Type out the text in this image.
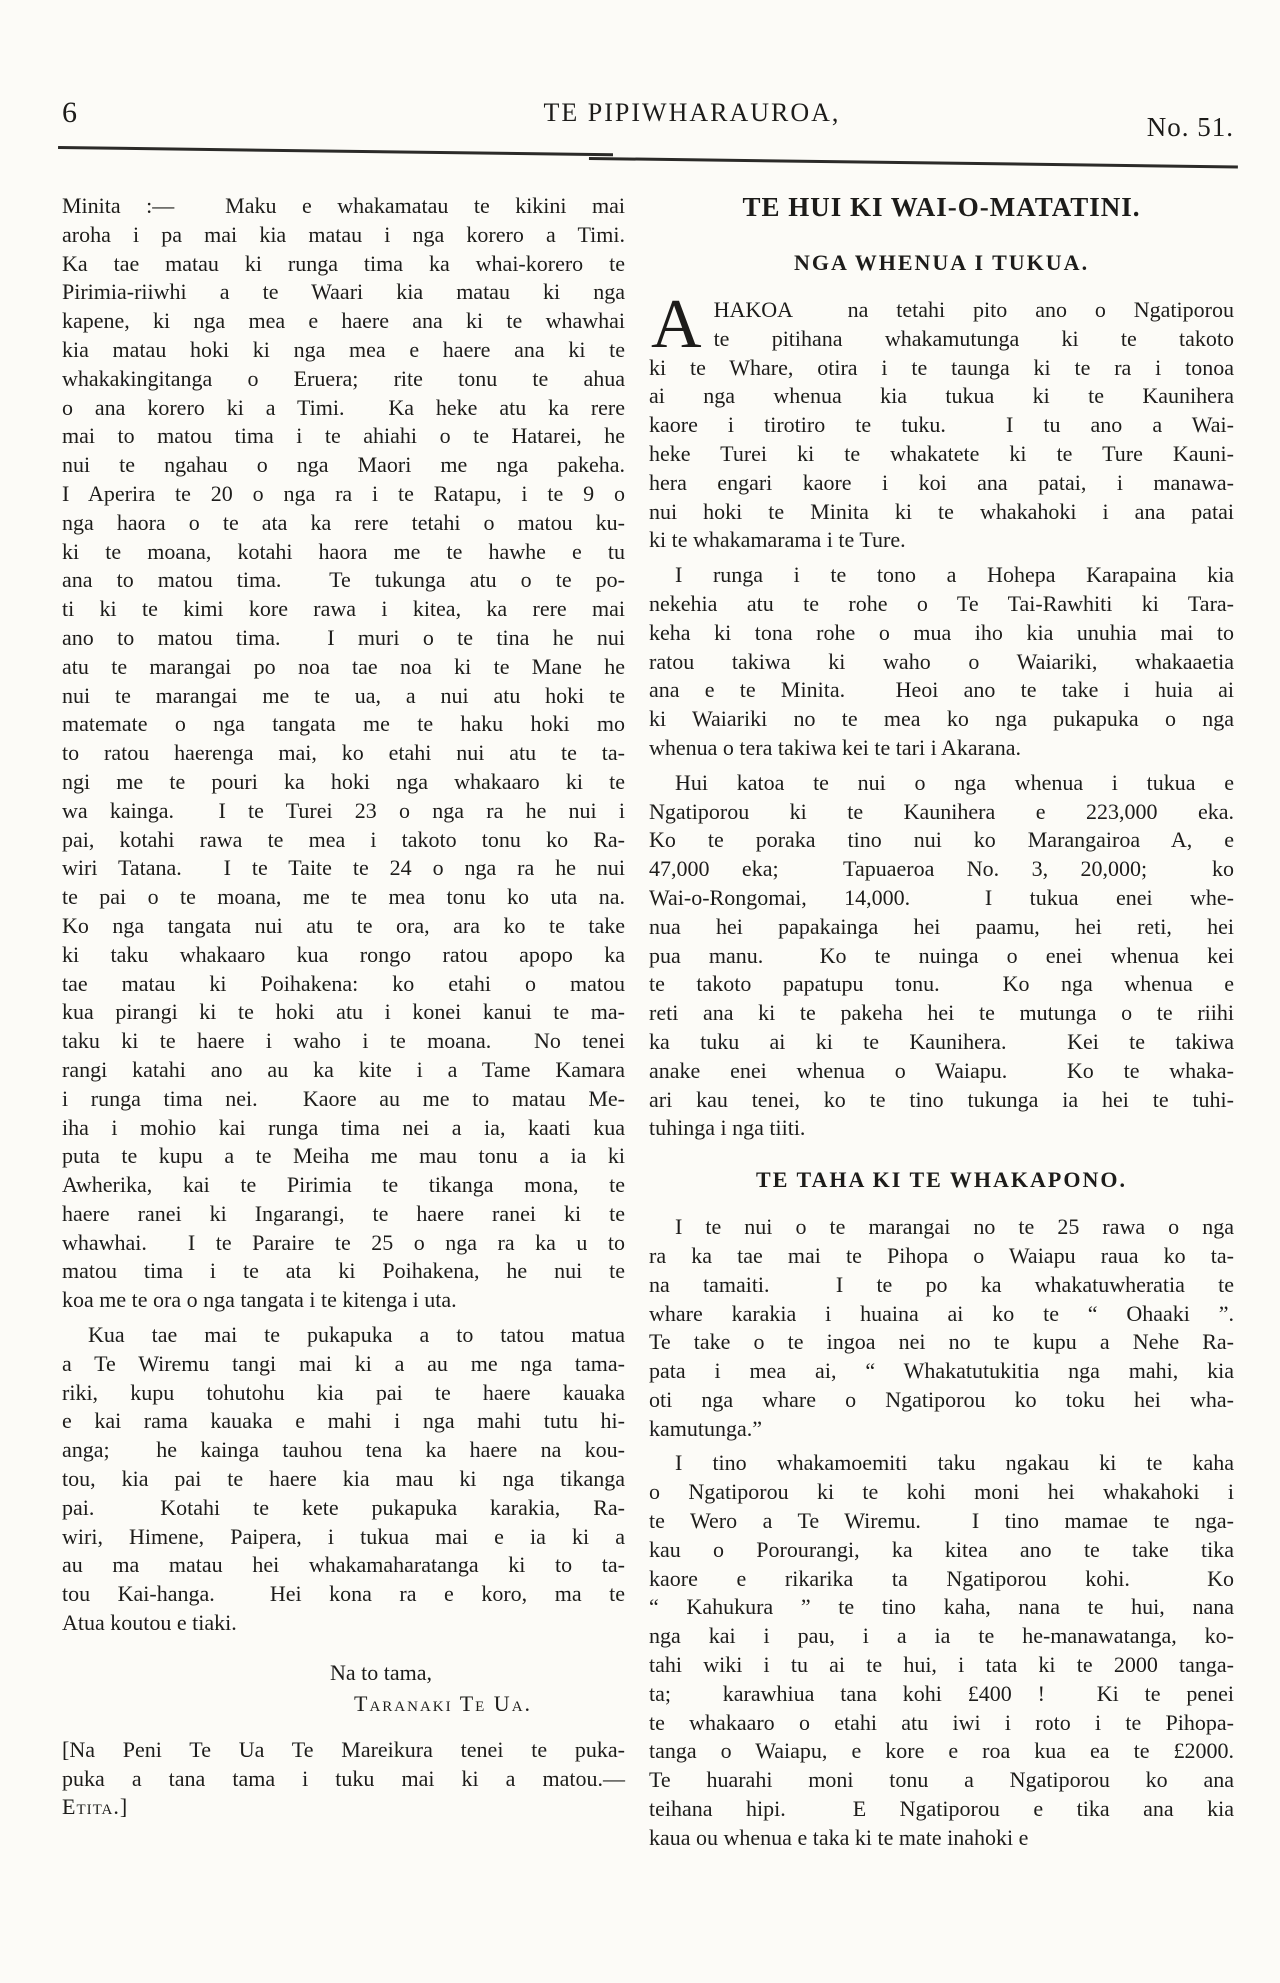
6	TE PIPIWHARAUROA,	No. 51.
Minita :—  Maku e whakamatau te kikini mai
aroha i pa mai kia matau i nga korero a Timi.
Ka tae matau ki runga tima ka whai-korero te
Pirimia-riiwhi a te Waari kia matau ki nga
kapene, ki nga mea e haere ana ki te whawhai
kia matau hoki ki nga mea e haere ana ki te
whakakingitanga o Eruera; rite tonu te ahua
o ana korero ki a Timi.  Ka heke atu ka rere
mai to matou tima i te ahiahi o te Hatarei, he
nui te ngahau o nga Maori me nga pakeha.
I Aperira te 20 o nga ra i te Ratapu, i te 9 o
nga haora o te ata ka rere tetahi o matou ku-
ki te moana, kotahi haora me te hawhe e tu
ana to matou tima.  Te tukunga atu o te po-
ti ki te kimi kore rawa i kitea, ka rere mai
ano to matou tima.  I muri o te tina he nui
atu te marangai po noa tae noa ki te Mane he
nui te marangai me te ua, a nui atu hoki te
matemate o nga tangata me te haku hoki mo
to ratou haerenga mai, ko etahi nui atu te ta-
ngi me te pouri ka hoki nga whakaaro ki te
wa kainga.  I te Turei 23 o nga ra he nui i
pai, kotahi rawa te mea i takoto tonu ko Ra-
wiri Tatana.  I te Taite te 24 o nga ra he nui
te pai o te moana, me te mea tonu ko uta na.
Ko nga tangata nui atu te ora, ara ko te take
ki taku whakaaro kua rongo ratou apopo ka
tae matau ki Poihakena: ko etahi o matou
kua pirangi ki te hoki atu i konei kanui te ma-
taku ki te haere i waho i te moana.  No tenei
rangi katahi ano au ka kite i a Tame Kamara
i runga tima nei.  Kaore au me to matau Me-
iha i mohio kai runga tima nei a ia, kaati kua
puta te kupu a te Meiha me mau tonu a ia ki
Awherika, kai te Pirimia te tikanga mona, te
haere ranei ki Ingarangi, te haere ranei ki te
whawhai.  I te Paraire te 25 o nga ra ka u to
matou tima i te ata ki Poihakena, he nui te
koa me te ora o nga tangata i te kitenga i uta.
Kua tae mai te pukapuka a to tatou matua
a Te Wiremu tangi mai ki a au me nga tama-
riki, kupu tohutohu kia pai te haere kauaka
e kai rama kauaka e mahi i nga mahi tutu hi-
anga;  he kainga tauhou tena ka haere na kou-
tou, kia pai te haere kia mau ki nga tikanga
pai.  Kotahi te kete pukapuka karakia, Ra-
wiri, Himene, Paipera, i tukua mai e ia ki a
au ma matau hei whakamaharatanga ki to ta-
tou Kai-hanga.  Hei kona ra e koro, ma te
Atua koutou e tiaki.
Na to tama,
Taranaki Te Ua.
[Na Peni Te Ua Te Mareikura tenei te puka-
puka a tana tama i tuku mai ki a matou.—
Etita.]
TE HUI KI WAI-O-MATATINI.
NGA WHENUA I TUKUA.
A HAKOA  na tetahi pito ano o Ngatiporou
te pitihana whakamutunga ki te takoto
ki te Whare, otira i te taunga ki te ra i tonoa
ai nga whenua kia tukua ki te Kaunihera
kaore i tirotiro te tuku.  I tu ano a Wai-
heke Turei ki te whakatete ki te Ture Kauni-
hera engari kaore i koi ana patai, i manawa-
nui hoki te Minita ki te whakahoki i ana patai
ki te whakamarama i te Ture.
I runga i te tono a Hohepa Karapaina kia
nekehia atu te rohe o Te Tai-Rawhiti ki Tara-
keha ki tona rohe o mua iho kia unuhia mai to
ratou takiwa ki waho o Waiariki, whakaaetia
ana e te Minita.  Heoi ano te take i huia ai
ki Waiariki no te mea ko nga pukapuka o nga
whenua o tera takiwa kei te tari i Akarana.
Hui katoa te nui o nga whenua i tukua e
Ngatiporou ki te Kaunihera e 223,000 eka.
Ko te poraka tino nui ko Marangairoa A, e
47,000 eka;  Tapuaeroa No. 3, 20,000;  ko
Wai-o-Rongomai, 14,000.  I tukua enei whe-
nua hei papakainga hei paamu, hei reti, hei
pua manu.  Ko te nuinga o enei whenua kei
te takoto papatupu tonu.  Ko nga whenua e
reti ana ki te pakeha hei te mutunga o te riihi
ka tuku ai ki te Kaunihera.  Kei te takiwa
anake enei whenua o Waiapu.  Ko te whaka-
ari kau tenei, ko te tino tukunga ia hei te tuhi-
tuhinga i nga tiiti.
TE TAHA KI TE WHAKAPONO.
I te nui o te marangai no te 25 rawa o nga
ra ka tae mai te Pihopa o Waiapu raua ko ta-
na tamaiti.  I te po ka whakatuwheratia te
whare karakia i huaina ai ko te “ Ohaaki ”.
Te take o te ingoa nei no te kupu a Nehe Ra-
pata i mea ai, “ Whakatutukitia nga mahi, kia
oti nga whare o Ngatiporou ko toku hei wha-
kamutunga.”
I tino whakamoemiti taku ngakau ki te kaha
o Ngatiporou ki te kohi moni hei whakahoki i
te Wero a Te Wiremu.  I tino mamae te nga-
kau o Porourangi, ka kitea ano te take tika
kaore e rikarika ta Ngatiporou kohi.  Ko
“ Kahukura ” te tino kaha, nana te hui, nana
nga kai i pau, i a ia te he-manawatanga, ko-
tahi wiki i tu ai te hui, i tata ki te 2000 tanga-
ta;  karawhiua tana kohi £400 !  Ki te penei
te whakaaro o etahi atu iwi i roto i te Pihopa-
tanga o Waiapu, e kore e roa kua ea te £2000.
Te huarahi moni tonu a Ngatiporou ko ana
teihana hipi.  E Ngatiporou e tika ana kia
kaua ou whenua e taka ki te mate inahoki e
